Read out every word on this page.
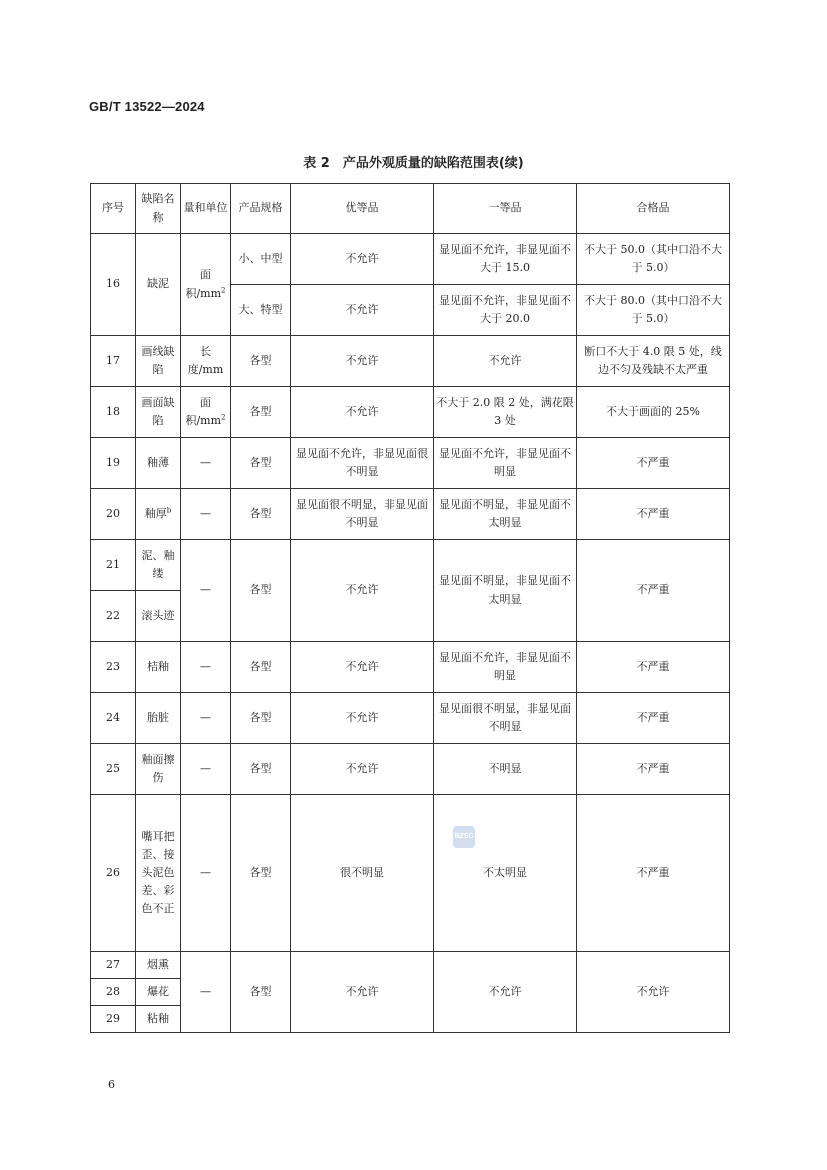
GB/T 13522—2024
表 2　产品外观质量的缺陷范围表(续)
序号	缺陷名称	量和单位	产品规格	优等品	一等品	合格品
16	缺泥	面积$/mm^2$	小、中型	不允许	显见面不允许，非显见面不大于 15.0	不大于 50.0（其中口沿不大于 5.0）
			大、特型	不允许	显见面不允许，非显见面不大于 20.0	不大于 80.0（其中口沿不大于 5.0）
17	画线缺陷	长度/mm	各型	不允许	不允许	断口不大于 4.0 限 5 处，线边不匀及残缺不太严重
18	画面缺陷	面积$/mm^2$	各型	不允许	不大于 2.0 限 2 处，满花限 3 处	不大于画面的 25%
19	釉薄	—	各型	显见面不允许，非显见面很不明显	显见面不允许，非显见面不明显	不严重
20	釉厚$^b$	—	各型	显见面很不明显，非显见面不明显	显见面不明显，非显见面不太明显	不严重
21	泥、釉缕	—	各型	不允许	显见面不明显，非显见面不太明显	不严重
22	滚头迹					
23	桔釉	—	各型	不允许	显见面不允许，非显见面不明显	不严重
24	胎脏	—	各型	不允许	显见面很不明显，非显见面不明显	不严重
25	釉面擦伤	—	各型	不允许	不明显	不严重
26	嘴耳把歪、接头泥色差、彩色不正	—	各型	很不明显	不太明显	不严重
27	烟熏	—	各型	不允许	不允许	不允许
28	爆花					
29	粘釉					
BZSC
6
